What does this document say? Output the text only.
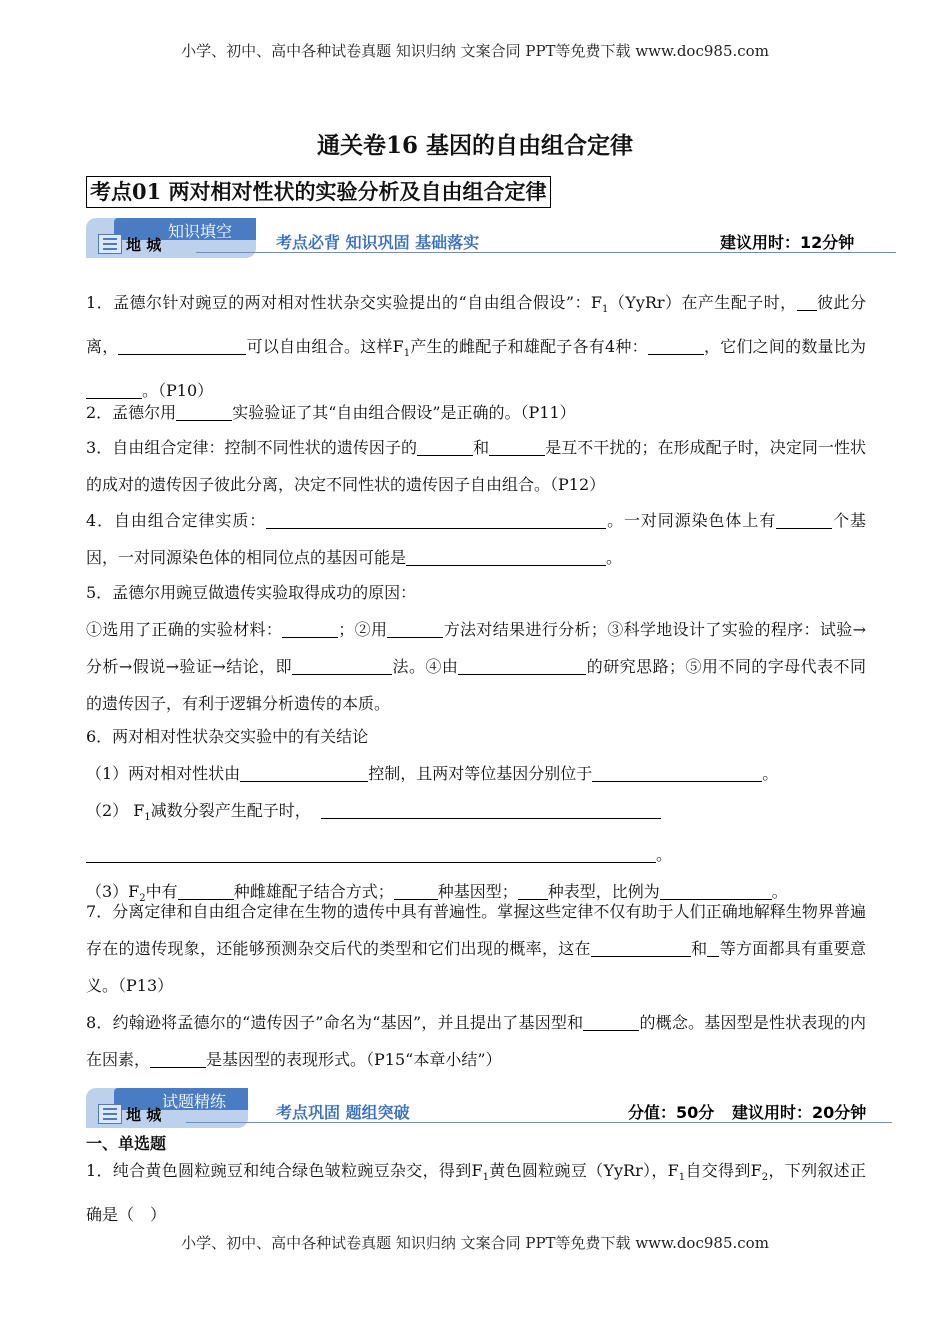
小学、初中、高中各种试卷真题 知识归纳 文案合同 PPT等免费下载 www.doc985.com
通关卷16 基因的自由组合定律
考点01 两对相对性状的实验分析及自由组合定律
知识填空
地 城	考点必背 知识巩固 基础落实	建议用时：12分钟
1．孟德尔针对豌豆的两对相对性状杂交实验提出的“自由组合假设”：$F_1(YyRr)$在产生配子时， 彼此分离，	可以自由组合。这样$F_1$产生的雌配子和雄配子各有4种：	，它们之间的数量比为。（P10）
2．孟德尔用	实验验证了其“自由组合假设”是正确的。（P11）
3．自由组合定律：控制不同性状的遗传因子的	和	是互不干扰的；在形成配子时，决定同一性状的成对的遗传因子彼此分离，决定不同性状的遗传因子自由组合。（P12）
4．自由组合定律实质：	。一对同源染色体上有	个基因，一对同源染色体的相同位点的基因可能是	。
5．孟德尔用豌豆做遗传实验取得成功的原因：
①选用了正确的实验材料：	；②用	方法对结果进行分析；③科学地设计了实验的程序：试验→分析→假说→验证→结论，即	法。④由	的研究思路；⑤用不同的字母代表不同的遗传因子，有利于逻辑分析遗传的本质。
6．两对相对性状杂交实验中的有关结论
（1）两对相对性状由	控制，且两对等位基因分别位于	。
（2） $F_1$减数分裂产生配子时，
。
$(3)F_2$中有	种雌雄配子结合方式；	种基因型； 种表型，比例为	。
7．分离定律和自由组合定律在生物的遗传中具有普遍性。掌握这些定律不仅有助于人们正确地解释生物界普遍存在的遗传现象，还能够预测杂交后代的类型和它们出现的概率，这在	和 等方面都具有重要意义。（P13）
8．约翰逊将孟德尔的“遗传因子”命名为“基因”，并且提出了基因型和	的概念。基因型是性状表现的内在因素，	是基因型的表现形式。（P15“本章小结”）
试题精练
地 城	考点巩固 题组突破	分值：50分 建议用时：20分钟
一、单选题
1．纯合黄色圆粒豌豆和纯合绿色皱粒豌豆杂交，得到$F_1$黄色圆粒豌豆（YyRr），$F_1$自交得到$F_2$，下列叙述正确是（　）
小学、初中、高中各种试卷真题 知识归纳 文案合同 PPT等免费下载 www.doc985.com
